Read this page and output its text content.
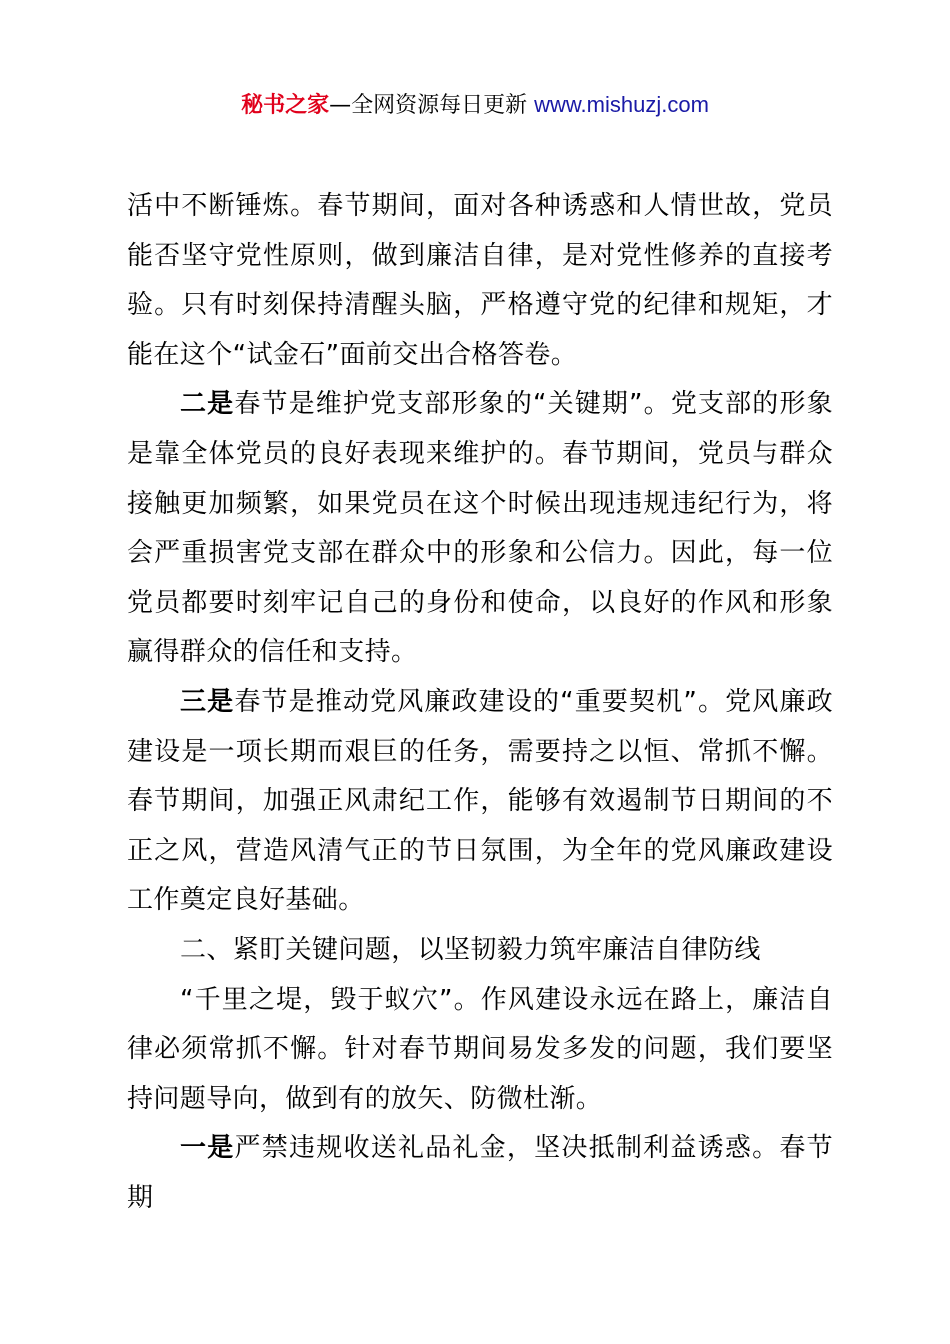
秘书之家—全网资源每日更新 www.mishuzj.com

活中不断锤炼。春节期间，面对各种诱惑和人情世故，党员能否坚守党性原则，做到廉洁自律，是对党性修养的直接考验。只有时刻保持清醒头脑，严格遵守党的纪律和规矩，才能在这个“试金石”面前交出合格答卷。

二是春节是维护党支部形象的“关键期”。党支部的形象是靠全体党员的良好表现来维护的。春节期间，党员与群众接触更加频繁，如果党员在这个时候出现违规违纪行为，将会严重损害党支部在群众中的形象和公信力。因此，每一位党员都要时刻牢记自己的身份和使命，以良好的作风和形象赢得群众的信任和支持。

三是春节是推动党风廉政建设的“重要契机”。党风廉政建设是一项长期而艰巨的任务，需要持之以恒、常抓不懈。春节期间，加强正风肃纪工作，能够有效遏制节日期间的不正之风，营造风清气正的节日氛围，为全年的党风廉政建设工作奠定良好基础。

二、紧盯关键问题，以坚韧毅力筑牢廉洁自律防线

“千里之堤，毁于蚁穴”。作风建设永远在路上，廉洁自律必须常抓不懈。针对春节期间易发多发的问题，我们要坚持问题导向，做到有的放矢、防微杜渐。

一是严禁违规收送礼品礼金，坚决抵制利益诱惑。春节期
